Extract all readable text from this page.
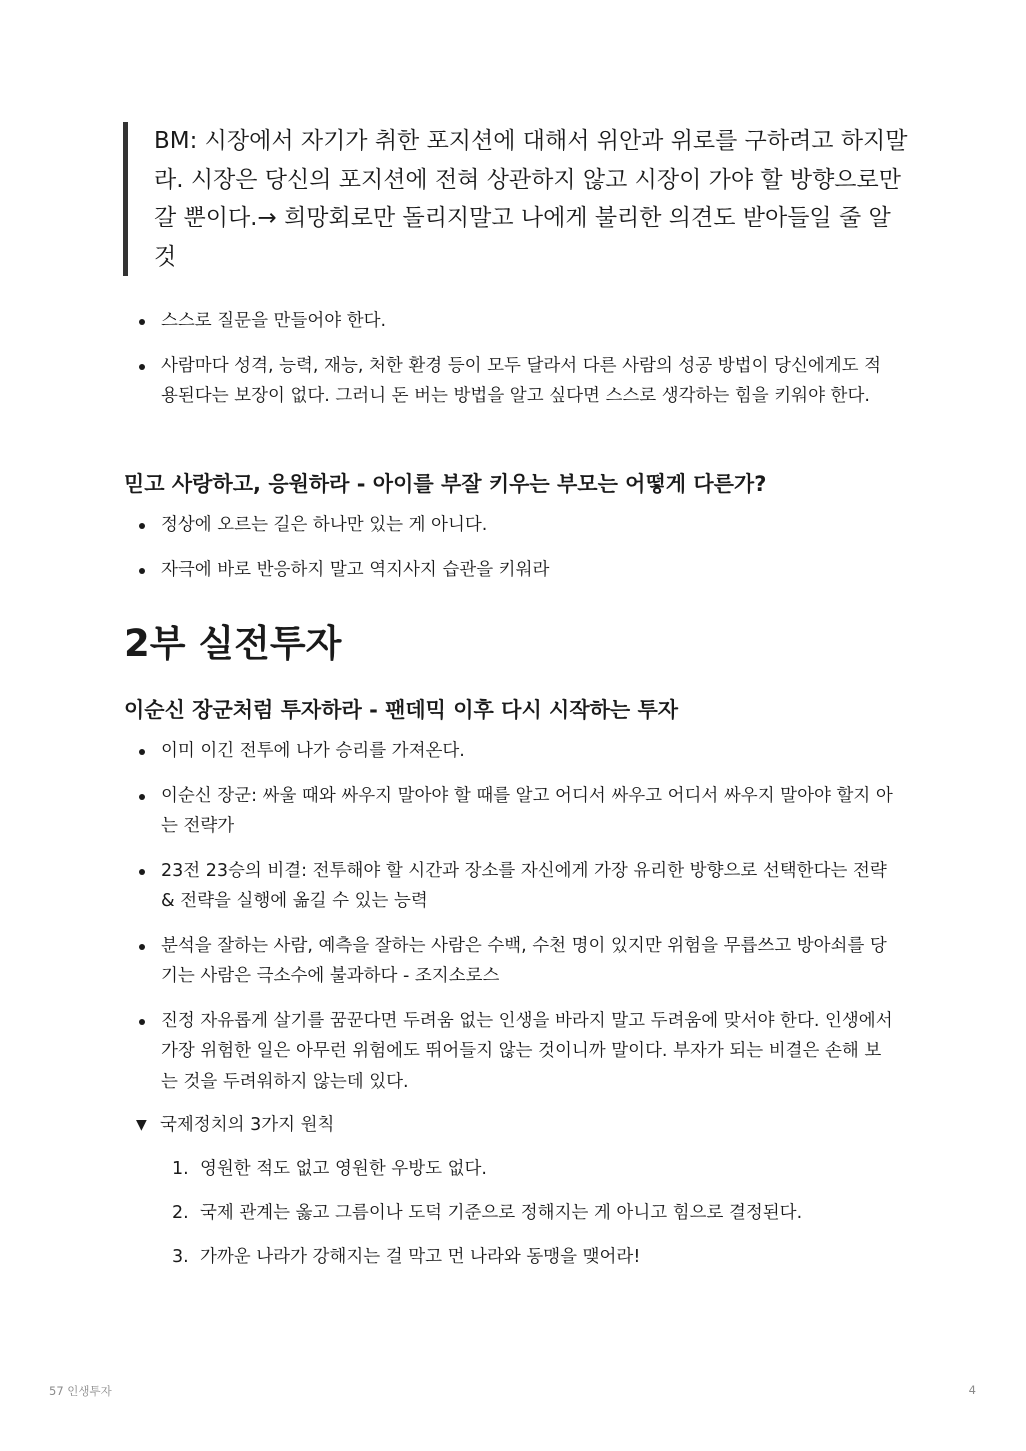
BM: 시장에서 자기가 취한 포지션에 대해서 위안과 위로를 구하려고 하지말라. 시장은 당신의 포지션에 전혀 상관하지 않고 시장이 가야 할 방향으로만 갈 뿐이다.→ 희망회로만 돌리지말고 나에게 불리한 의견도 받아들일 줄 알 것

스스로 질문을 만들어야 한다.
사람마다 성격, 능력, 재능, 처한 환경 등이 모두 달라서 다른 사람의 성공 방법이 당신에게도 적용된다는 보장이 없다. 그러니 돈 버는 방법을 알고 싶다면 스스로 생각하는 힘을 키워야 한다.
믿고 사랑하고, 응원하라 - 아이를 부잘 키우는 부모는 어떻게 다른가?
정상에 오르는 길은 하나만 있는 게 아니다.
자극에 바로 반응하지 말고 역지사지 습관을 키워라
2부 실전투자
이순신 장군처럼 투자하라 - 팬데믹 이후 다시 시작하는 투자
이미 이긴 전투에 나가 승리를 가져온다.
이순신 장군: 싸울 때와 싸우지 말아야 할 때를 알고 어디서 싸우고 어디서 싸우지 말아야 할지 아는 전략가
23전 23승의 비결: 전투해야 할 시간과 장소를 자신에게 가장 유리한 방향으로 선택한다는 전략 & 전략을 실행에 옮길 수 있는 능력
분석을 잘하는 사람, 예측을 잘하는 사람은 수백, 수천 명이 있지만 위험을 무릅쓰고 방아쇠를 당기는 사람은 극소수에 불과하다 - 조지소로스
진정 자유롭게 살기를 꿈꾼다면 두려움 없는 인생을 바라지 말고 두려움에 맞서야 한다. 인생에서 가장 위험한 일은 아무런 위험에도 뛰어들지 않는 것이니까 말이다. 부자가 되는 비결은 손해 보는 것을 두려워하지 않는데 있다.
▼ 국제정치의 3가지 원칙
1. 영원한 적도 없고 영원한 우방도 없다.
2. 국제 관계는 옳고 그름이나 도덕 기준으로 정해지는 게 아니고 힘으로 결정된다.
3. 가까운 나라가 강해지는 걸 막고 먼 나라와 동맹을 맺어라!
57 인생투자	4
